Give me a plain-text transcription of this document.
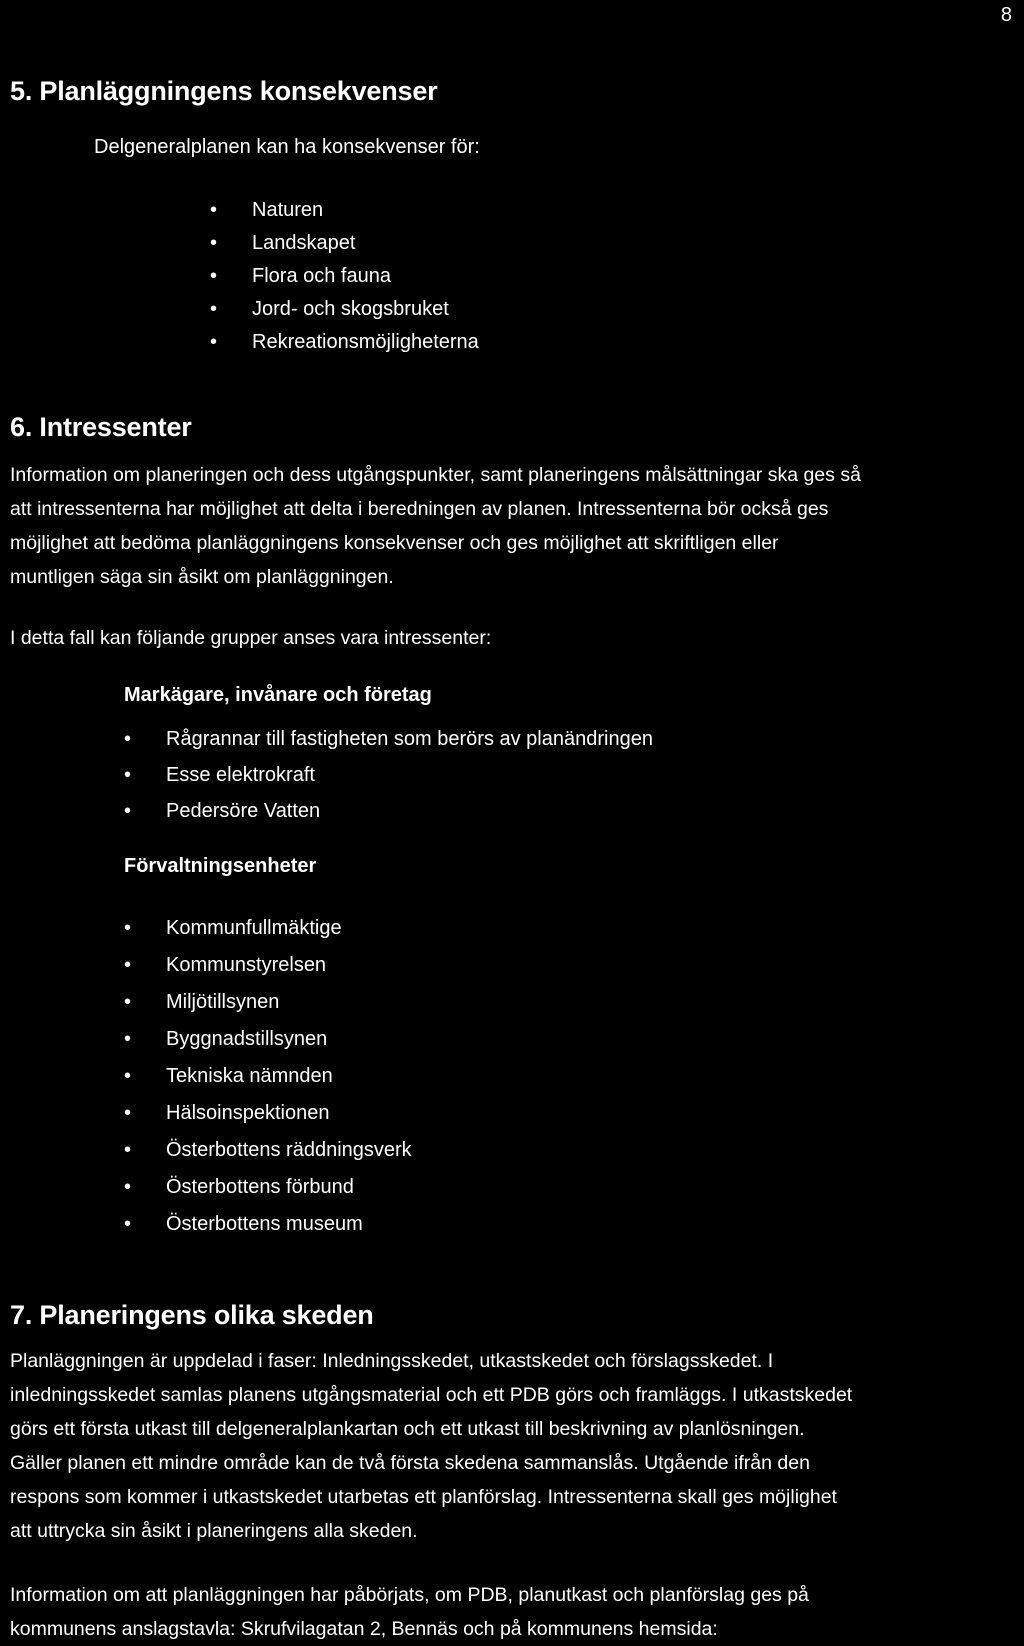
8
5. Planläggningens konsekvenser

Delgeneralplanen kan ha konsekvenser för:

• Naturen
• Landskapet
• Flora och fauna
• Jord- och skogsbruket
• Rekreationsmöjligheterna
6. Intressenter
Information om planeringen och dess utgångspunkter, samt planeringens målsättningar ska ges så
att intressenterna har möjlighet att delta i beredningen av planen. Intressenterna bör också ges
möjlighet att bedöma planläggningens konsekvenser och ges möjlighet att skriftligen eller
muntligen säga sin åsikt om planläggningen.

I detta fall kan följande grupper anses vara intressenter:

Markägare, invånare och företag
• Rågrannar till fastigheten som berörs av planändringen
• Esse elektrokraft
• Pedersöre Vatten
Förvaltningsenheter
• Kommunfullmäktige
• Kommunstyrelsen
• Miljötillsynen
• Byggnadstillsynen
• Tekniska nämnden
• Hälsoinspektionen
• Österbottens räddningsverk
• Österbottens förbund
• Österbottens museum
7. Planeringens olika skeden
Planläggningen är uppdelad i faser: Inledningsskedet, utkastskedet och förslagsskedet. I
inledningsskedet samlas planens utgångsmaterial och ett PDB görs och framläggs. I utkastskedet
görs ett första utkast till delgeneralplankartan och ett utkast till beskrivning av planlösningen.
Gäller planen ett mindre område kan de två första skedena sammanslås. Utgående ifrån den
respons som kommer i utkastskedet utarbetas ett planförslag. Intressenterna skall ges möjlighet
att uttrycka sin åsikt i planeringens alla skeden.
Information om att planläggningen har påbörjats, om PDB, planutkast och planförslag ges på
kommunens anslagstavla: Skrufvilagatan 2, Bennäs och på kommunens hemsida:
